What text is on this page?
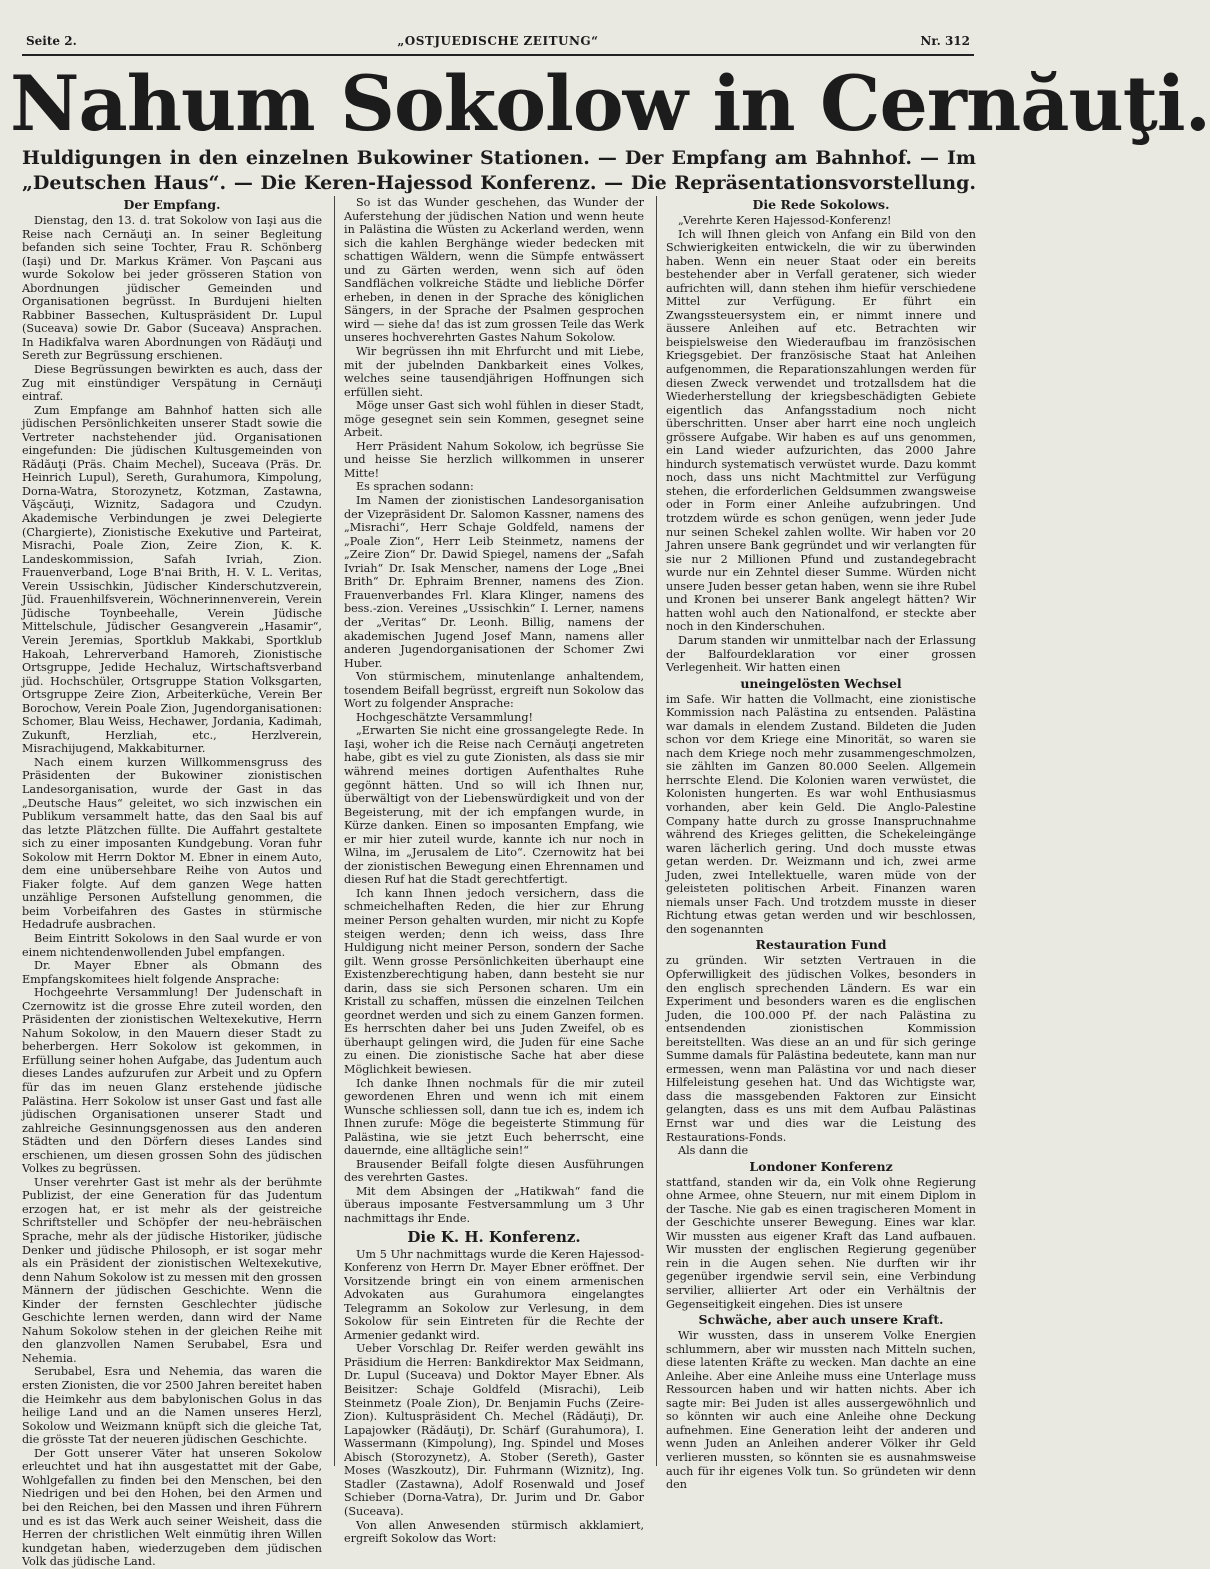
Seite 2.	„OSTJUEDISCHE ZEITUNG“	Nr. 312
Nahum Sokolow in Cernăuţi.
Huldigungen in den einzelnen Bukowiner Stationen. — Der Empfang am Bahnhof. — Im „Deutschen Haus“. — Die Keren-Hajessod Konferenz. — Die Repräsentationsvorstellung.
Der Empfang.

Dienstag, den 13. d. trat Sokolow von Iaşi aus die Reise nach Cernăuţi an. In seiner Begleitung befanden sich seine Tochter, Frau R. Schönberg (Iaşi) und Dr. Markus Krämer. Von Paşcani aus wurde Sokolow bei jeder grösseren Station von Abordnungen jüdischer Gemeinden und Organisationen begrüsst. In Burdujeni hielten Rabbiner Bassechen, Kultuspräsident Dr. Lupul (Suceava) sowie Dr. Gabor (Suceava) Ansprachen. In Hadikfalva waren Abordnungen von Rădăuţi und Sereth zur Begrüssung erschienen.

Diese Begrüssungen bewirkten es auch, dass der Zug mit einstündiger Verspätung in Cernăuţi eintraf.

Zum Empfange am Bahnhof hatten sich alle jüdischen Persönlichkeiten unserer Stadt sowie die Vertreter nachstehender jüd. Organisationen eingefunden: Die jüdischen Kultusgemeinden von Rădăuţi (Präs. Chaim Mechel), Suceava (Präs. Dr. Heinrich Lupul), Sereth, Gurahumora, Kimpolung, Dorna-Watra, Storozynetz, Kotzman, Zastawna, Văşcăuţi, Wiznitz, Sadagora und Czudyn. Akademische Verbindungen je zwei Delegierte (Chargierte), Zionistische Exekutive und Parteirat, Misrachi, Poale Zion, Zeire Zion, K. K. Landeskommission, Safah Ivriah, Zion. Frauenverband, Loge B'nai Brith, H. V. L. Veritas, Verein Ussischkin, Jüdischer Kinderschutzverein, Jüd. Frauenhilfsverein, Wöchnerinnenverein, Verein Jüdische Toynbeehalle, Verein Jüdische Mittelschule, Jüdischer Gesangverein „Hasamir“, Verein Jeremias, Sportklub Makkabi, Sportklub Hakoah, Lehrerverband Hamoreh, Zionistische Ortsgruppe, Jedide Hechaluz, Wirtschaftsverband jüd. Hochschüler, Ortsgruppe Station Volksgarten, Ortsgruppe Zeire Zion, Arbeiterküche, Verein Ber Borochow, Verein Poale Zion, Jugendorganisationen: Schomer, Blau Weiss, Hechawer, Jordania, Kadimah, Zukunft, Herzliah, etc., Herzlverein, Misrachijugend, Makkabiturner.

Nach einem kurzen Willkommensgruss des Präsidenten der Bukowiner zionistischen Landesorganisation, wurde der Gast in das „Deutsche Haus“ geleitet, wo sich inzwischen ein Publikum versammelt hatte, das den Saal bis auf das letzte Plätzchen füllte. Die Auffahrt gestaltete sich zu einer imposanten Kundgebung. Voran fuhr Sokolow mit Herrn Doktor M. Ebner in einem Auto, dem eine unübersehbare Reihe von Autos und Fiaker folgte. Auf dem ganzen Wege hatten unzählige Personen Aufstellung genommen, die beim Vorbeifahren des Gastes in stürmische Hedadrufe ausbrachen.

Beim Eintritt Sokolows in den Saal wurde er von einem nichtendenwollenden Jubel empfangen.

Dr. Mayer Ebner als Obmann des Empfangskomitees hielt folgende Ansprache:

Hochgeehrte Versammlung! Der Judenschaft in Czernowitz ist die grosse Ehre zuteil worden, den Präsidenten der zionistischen Weltexekutive, Herrn Nahum Sokolow, in den Mauern dieser Stadt zu beherbergen. Herr Sokolow ist gekommen, in Erfüllung seiner hohen Aufgabe, das Judentum auch dieses Landes aufzurufen zur Arbeit und zu Opfern für das im neuen Glanz erstehende jüdische Palästina. Herr Sokolow ist unser Gast und fast alle jüdischen Organisationen unserer Stadt und zahlreiche Gesinnungsgenossen aus den anderen Städten und den Dörfern dieses Landes sind erschienen, um diesen grossen Sohn des jüdischen Volkes zu begrüssen.

Unser verehrter Gast ist mehr als der berühmte Publizist, der eine Generation für das Judentum erzogen hat, er ist mehr als der geistreiche Schriftsteller und Schöpfer der neu-hebräischen Sprache, mehr als der jüdische Historiker, jüdische Denker und jüdische Philosoph, er ist sogar mehr als ein Präsident der zionistischen Weltexekutive, denn Nahum Sokolow ist zu messen mit den grossen Männern der jüdischen Geschichte. Wenn die Kinder der fernsten Geschlechter jüdische Geschichte lernen werden, dann wird der Name Nahum Sokolow stehen in der gleichen Reihe mit den glanzvollen Namen Serubabel, Esra und Nehemia.

Serubabel, Esra und Nehemia, das waren die ersten Zionisten, die vor 2500 Jahren bereitet haben die Heimkehr aus dem babylonischen Golus in das heilige Land und an die Namen unseres Herzl, Sokolow und Weizmann knüpft sich die gleiche Tat, die grösste Tat der neueren jüdischen Geschichte.

Der Gott unserer Väter hat unseren Sokolow erleuchtet und hat ihn ausgestattet mit der Gabe, Wohlgefallen zu finden bei den Menschen, bei den Niedrigen und bei den Hohen, bei den Armen und bei den Reichen, bei den Massen und ihren Führern und es ist das Werk auch seiner Weisheit, dass die Herren der christlichen Welt einmütig ihren Willen kundgetan haben, wiederzugeben dem jüdischen Volk das jüdische Land.

So ist das Wunder geschehen, das Wunder der Auferstehung der jüdischen Nation und wenn heute in Palästina die Wüsten zu Ackerland werden, wenn sich die kahlen Berghänge wieder bedecken mit schattigen Wäldern, wenn die Sümpfe entwässert und zu Gärten werden, wenn sich auf öden Sandflächen volkreiche Städte und liebliche Dörfer erheben, in denen in der Sprache des königlichen Sängers, in der Sprache der Psalmen gesprochen wird — siehe da! das ist zum grossen Teile das Werk unseres hochverehrten Gastes Nahum Sokolow.

Wir begrüssen ihn mit Ehrfurcht und mit Liebe, mit der jubelnden Dankbarkeit eines Volkes, welches seine tausendjährigen Hoffnungen sich erfüllen sieht.

Möge unser Gast sich wohl fühlen in dieser Stadt, möge gesegnet sein sein Kommen, gesegnet seine Arbeit.

Herr Präsident Nahum Sokolow, ich begrüsse Sie und heisse Sie herzlich willkommen in unserer Mitte!

Es sprachen sodann:

Im Namen der zionistischen Landesorganisation der Vizepräsident Dr. Salomon Kassner, namens des „Misrachi“, Herr Schaje Goldfeld, namens der „Poale Zion“, Herr Leib Steinmetz, namens der „Zeire Zion“ Dr. Dawid Spiegel, namens der „Safah Ivriah“ Dr. Isak Menscher, namens der Loge „Bnei Brith“ Dr. Ephraim Brenner, namens des Zion. Frauenverbandes Frl. Klara Klinger, namens des bess.-zion. Vereines „Ussischkin“ I. Lerner, namens der „Veritas“ Dr. Leonh. Billig, namens der akademischen Jugend Josef Mann, namens aller anderen Jugendorganisationen der Schomer Zwi Huber.

Von stürmischem, minutenlange anhaltendem, tosendem Beifall begrüsst, ergreift nun Sokolow das Wort zu folgender Ansprache:

Hochgeschätzte Versammlung!

„Erwarten Sie nicht eine grossangelegte Rede. In Iaşi, woher ich die Reise nach Cernăuţi angetreten habe, gibt es viel zu gute Zionisten, als dass sie mir während meines dortigen Aufenthaltes Ruhe gegönnt hätten. Und so will ich Ihnen nur, überwältigt von der Liebenswürdigkeit und von der Begeisterung, mit der ich empfangen wurde, in Kürze danken. Einen so imposanten Empfang, wie er mir hier zuteil wurde, kannte ich nur noch in Wilna, im „Jerusalem de Lito“. Czernowitz hat bei der zionistischen Bewegung einen Ehrennamen und diesen Ruf hat die Stadt gerechtfertigt.

Ich kann Ihnen jedoch versichern, dass die schmeichelhaften Reden, die hier zur Ehrung meiner Person gehalten wurden, mir nicht zu Kopfe steigen werden; denn ich weiss, dass Ihre Huldigung nicht meiner Person, sondern der Sache gilt. Wenn grosse Persönlichkeiten überhaupt eine Existenzberechtigung haben, dann besteht sie nur darin, dass sie sich Personen scharen. Um ein Kristall zu schaffen, müssen die einzelnen Teilchen geordnet werden und sich zu einem Ganzen formen. Es herrschten daher bei uns Juden Zweifel, ob es überhaupt gelingen wird, die Juden für eine Sache zu einen. Die zionistische Sache hat aber diese Möglichkeit bewiesen.

Ich danke Ihnen nochmals für die mir zuteil gewordenen Ehren und wenn ich mit einem Wunsche schliessen soll, dann tue ich es, indem ich Ihnen zurufe: Möge die begeisterte Stimmung für Palästina, wie sie jetzt Euch beherrscht, eine dauernde, eine alltägliche sein!“

Brausender Beifall folgte diesen Ausführungen des verehrten Gastes.

Mit dem Absingen der „Hatikwah“ fand die überaus imposante Festversammlung um 3 Uhr nachmittags ihr Ende.

Die K. H. Konferenz.

Um 5 Uhr nachmittags wurde die Keren Hajessod-Konferenz von Herrn Dr. Mayer Ebner eröffnet. Der Vorsitzende bringt ein von einem armenischen Advokaten aus Gurahumora eingelangtes Telegramm an Sokolow zur Verlesung, in dem Sokolow für sein Eintreten für die Rechte der Armenier gedankt wird.

Ueber Vorschlag Dr. Reifer werden gewählt ins Präsidium die Herren: Bankdirektor Max Seidmann, Dr. Lupul (Suceava) und Doktor Mayer Ebner. Als Beisitzer: Schaje Goldfeld (Misrachi), Leib Steinmetz (Poale Zion), Dr. Benjamin Fuchs (Zeire-Zion). Kultuspräsident Ch. Mechel (Rădăuţi), Dr. Lapajowker (Rădăuţi), Dr. Schärf (Gurahumora), I. Wassermann (Kimpolung), Ing. Spindel und Moses Abisch (Storozynetz), A. Stober (Sereth), Gaster Moses (Waszkoutz), Dir. Fuhrmann (Wiznitz), Ing. Stadler (Zastawna), Adolf Rosenwald und Josef Schieber (Dorna-Vatra), Dr. Jurim und Dr. Gabor (Suceava).

Von allen Anwesenden stürmisch akklamiert, ergreift Sokolow das Wort:

Die Rede Sokolows.

„Verehrte Keren Hajessod-Konferenz!

Ich will Ihnen gleich von Anfang ein Bild von den Schwierigkeiten entwickeln, die wir zu überwinden haben. Wenn ein neuer Staat oder ein bereits bestehender aber in Verfall geratener, sich wieder aufrichten will, dann stehen ihm hiefür verschiedene Mittel zur Verfügung. Er führt ein Zwangssteuersystem ein, er nimmt innere und äussere Anleihen auf etc. Betrachten wir beispielsweise den Wiederaufbau im französischen Kriegsgebiet. Der französische Staat hat Anleihen aufgenommen, die Reparationszahlungen werden für diesen Zweck verwendet und trotzallsdem hat die Wiederherstellung der kriegsbeschädigten Gebiete eigentlich das Anfangsstadium noch nicht überschritten. Unser aber harrt eine noch ungleich grössere Aufgabe. Wir haben es auf uns genommen, ein Land wieder aufzurichten, das 2000 Jahre hindurch systematisch verwüstet wurde. Dazu kommt noch, dass uns nicht Machtmittel zur Verfügung stehen, die erforderlichen Geldsummen zwangsweise oder in Form einer Anleihe aufzubringen. Und trotzdem würde es schon genügen, wenn jeder Jude nur seinen Schekel zahlen wollte. Wir haben vor 20 Jahren unsere Bank gegründet und wir verlangten für sie nur 2 Millionen Pfund und zustandegebracht wurde nur ein Zehntel dieser Summe. Würden nicht unsere Juden besser getan haben, wenn sie ihre Rubel und Kronen bei unserer Bank angelegt hätten? Wir hatten wohl auch den Nationalfond, er steckte aber noch in den Kinderschuhen.

Darum standen wir unmittelbar nach der Erlassung der Balfourdeklaration vor einer grossen Verlegenheit. Wir hatten einen

uneingelösten Wechsel

im Safe. Wir hatten die Vollmacht, eine zionistische Kommission nach Palästina zu entsenden. Palästina war damals in elendem Zustand. Bildeten die Juden schon vor dem Kriege eine Minorität, so waren sie nach dem Kriege noch mehr zusammengeschmolzen, sie zählten im Ganzen 80.000 Seelen. Allgemein herrschte Elend. Die Kolonien waren verwüstet, die Kolonisten hungerten. Es war wohl Enthusiasmus vorhanden, aber kein Geld. Die Anglo-Palestine Company hatte durch zu grosse Inanspruchnahme während des Krieges gelitten, die Schekeleingänge waren lächerlich gering. Und doch musste etwas getan werden. Dr. Weizmann und ich, zwei arme Juden, zwei Intellektuelle, waren müde von der geleisteten politischen Arbeit. Finanzen waren niemals unser Fach. Und trotzdem musste in dieser Richtung etwas getan werden und wir beschlossen, den sogenannten

Restauration Fund

zu gründen. Wir setzten Vertrauen in die Opferwilligkeit des jüdischen Volkes, besonders in den englisch sprechenden Ländern. Es war ein Experiment und besonders waren es die englischen Juden, die 100.000 Pf. der nach Palästina zu entsendenden zionistischen Kommission bereitstellten. Was diese an an und für sich geringe Summe damals für Palästina bedeutete, kann man nur ermessen, wenn man Palästina vor und nach dieser Hilfeleistung gesehen hat. Und das Wichtigste war, dass die massgebenden Faktoren zur Einsicht gelangten, dass es uns mit dem Aufbau Palästinas Ernst war und dies war die Leistung des Restaurations-Fonds.

Als dann die

Londoner Konferenz

stattfand, standen wir da, ein Volk ohne Regierung ohne Armee, ohne Steuern, nur mit einem Diplom in der Tasche. Nie gab es einen tragischeren Moment in der Geschichte unserer Bewegung. Eines war klar. Wir mussten aus eigener Kraft das Land aufbauen. Wir mussten der englischen Regierung gegenüber rein in die Augen sehen. Nie durften wir ihr gegenüber irgendwie servil sein, eine Verbindung servilier, alliierter Art oder ein Verhältnis der Gegenseitigkeit eingehen. Dies ist unsere

Schwäche, aber auch unsere Kraft.

Wir wussten, dass in unserem Volke Energien schlummern, aber wir mussten nach Mitteln suchen, diese latenten Kräfte zu wecken. Man dachte an eine Anleihe. Aber eine Anleihe muss eine Unterlage muss Ressourcen haben und wir hatten nichts. Aber ich sagte mir: Bei Juden ist alles aussergewöhnlich und so könnten wir auch eine Anleihe ohne Deckung aufnehmen. Eine Generation leiht der anderen und wenn Juden an Anleihen anderer Völker ihr Geld verlieren mussten, so könnten sie es ausnahmsweise auch für ihr eigenes Volk tun. So gründeten wir denn den
